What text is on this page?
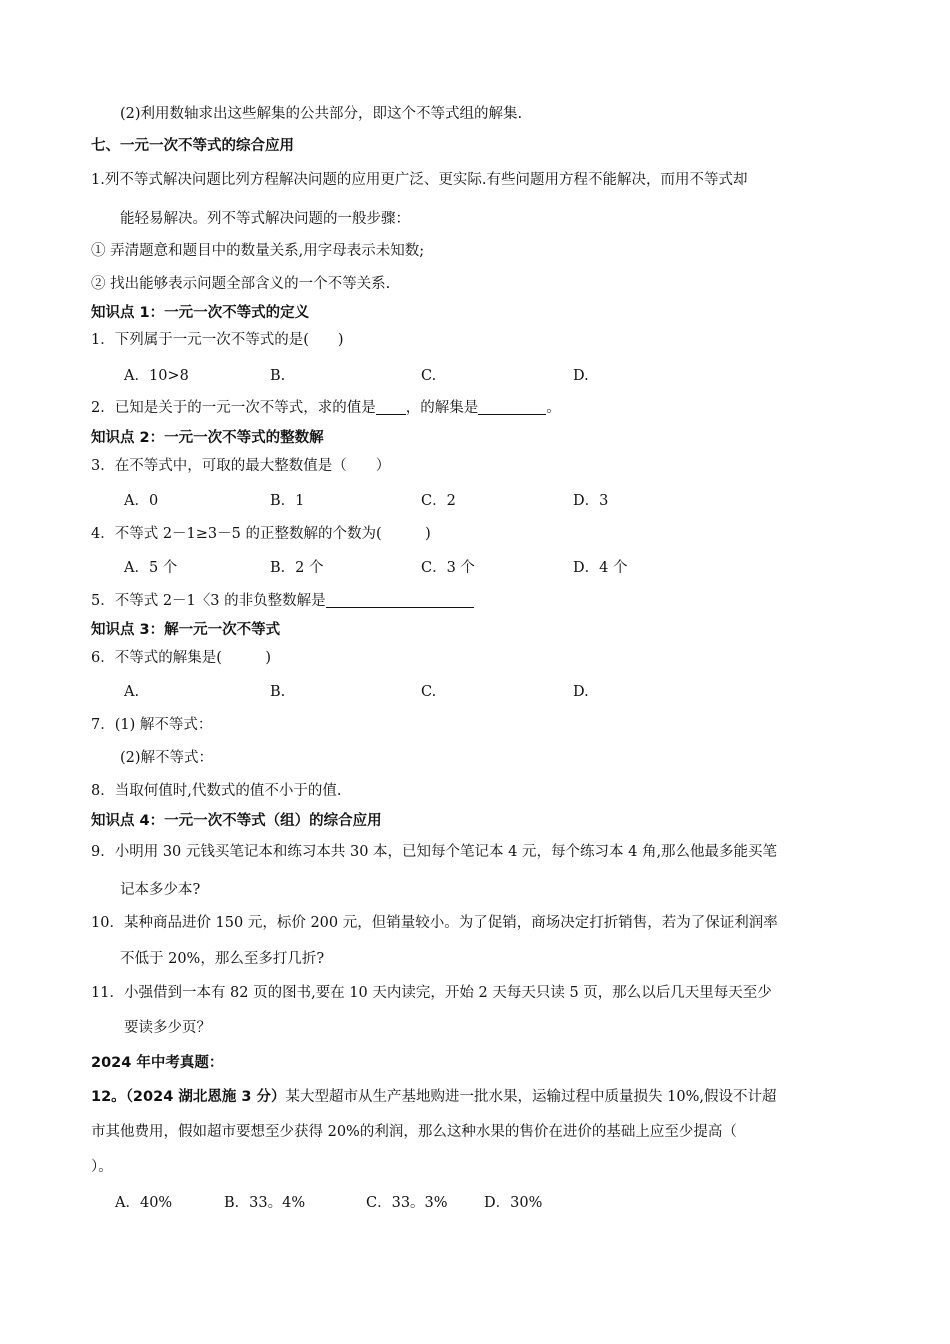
(2)利用数轴求出这些解集的公共部分，即这个不等式组的解集.
七、一元一次不等式的综合应用
1.列不等式解决问题比列方程解决问题的应用更广泛、更实际.有些问题用方程不能解决，而用不等式却
能轻易解决。列不等式解决问题的一般步骤：
① 弄清题意和题目中的数量关系,用字母表示未知数;
② 找出能够表示问题全部含义的一个不等关系.
知识点 1：一元一次不等式的定义
1．下列属于一元一次不等式的是(　　)
A．10>8	B.	C.	D.
2．已知是关于的一元一次不等式，求的值是 ，的解集是	。
知识点 2：一元一次不等式的整数解
3．在不等式中，可取的最大整数值是（　　）
A．0	B．1	C．2	D．3
4．不等式 2－1≥3－5 的正整数解的个数为(　　　)
A．5 个	B．2 个	C．3 个	D．4 个
5．不等式 2－1〈3 的非负整数解是
知识点 3：解一元一次不等式
6．不等式的解集是(　　　)
A.	B.	C.	D.
7．(1) 解不等式：
(2)解不等式：
8．当取何值时,代数式的值不小于的值.
知识点 4：一元一次不等式（组）的综合应用
9．小明用 30 元钱买笔记本和练习本共 30 本，已知每个笔记本 4 元，每个练习本 4 角,那么他最多能买笔
记本多少本?
10．某种商品进价 150 元，标价 200 元，但销量较小。为了促销，商场决定打折销售，若为了保证利润率
不低于 20%，那么至多打几折?
11．小强借到一本有 82 页的图书,要在 10 天内读完，开始 2 天每天只读 5 页，那么以后几天里每天至少
要读多少页？
2024 年中考真题：
12。（2024 湖北恩施 3 分）某大型超市从生产基地购进一批水果，运输过程中质量损失 10%,假设不计超
市其他费用，假如超市要想至少获得 20%的利润，那么这种水果的售价在进价的基础上应至少提高（
）。
A．40%	B．33。4%	C．33。3%	D．30%
